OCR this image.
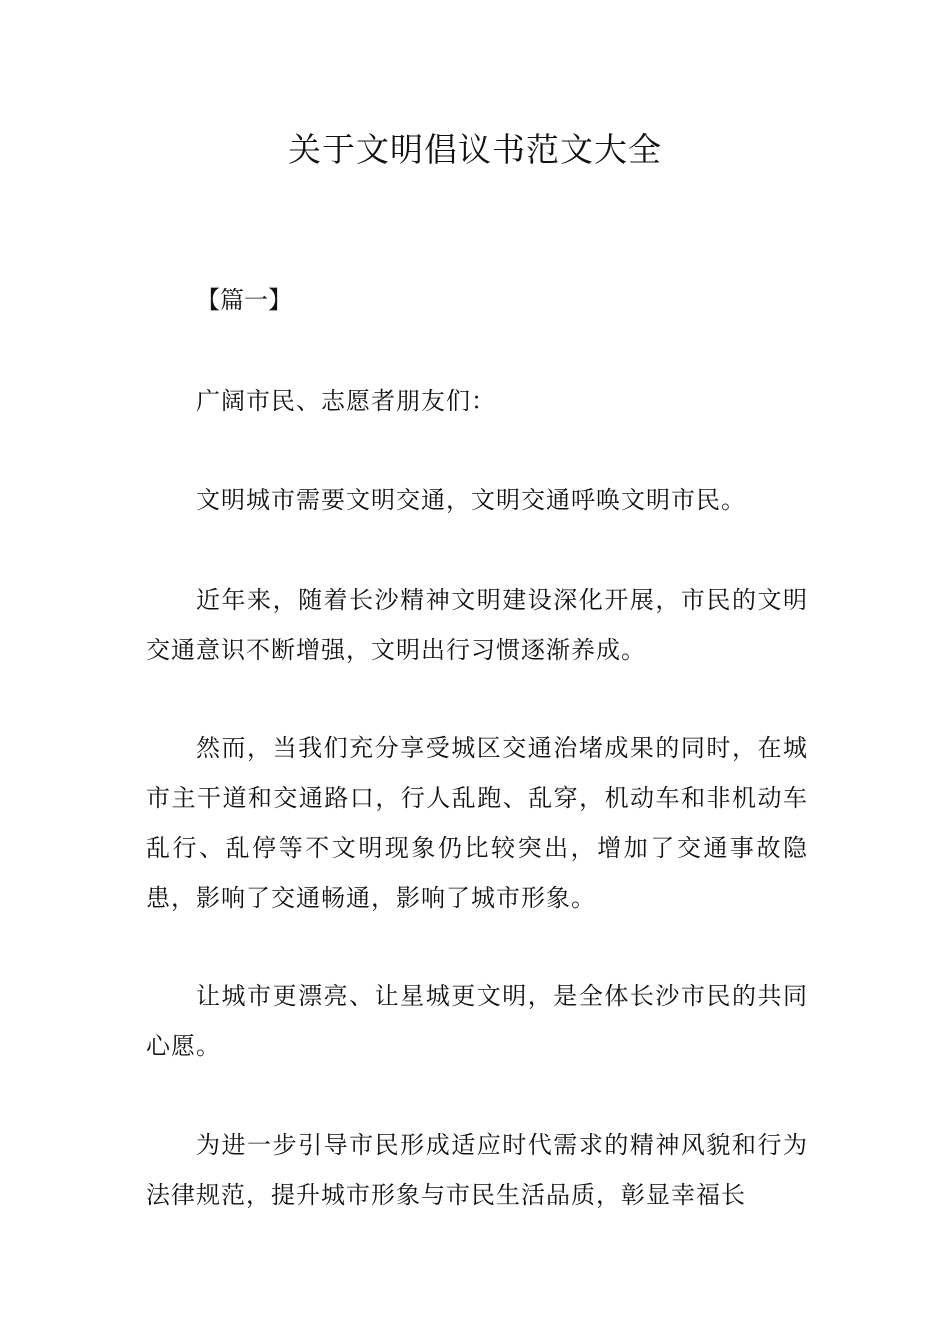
关于文明倡议书范文大全

【篇一】

广阔市民、志愿者朋友们：

文明城市需要文明交通，文明交通呼唤文明市民。

近年来，随着长沙精神文明建设深化开展，市民的文明交通意识不断增强，文明出行习惯逐渐养成。

然而，当我们充分享受城区交通治堵成果的同时，在城市主干道和交通路口，行人乱跑、乱穿，机动车和非机动车乱行、乱停等不文明现象仍比较突出，增加了交通事故隐患，影响了交通畅通，影响了城市形象。

让城市更漂亮、让星城更文明，是全体长沙市民的共同心愿。

为进一步引导市民形成适应时代需求的精神风貌和行为法律规范，提升城市形象与市民生活品质，彰显幸福长
